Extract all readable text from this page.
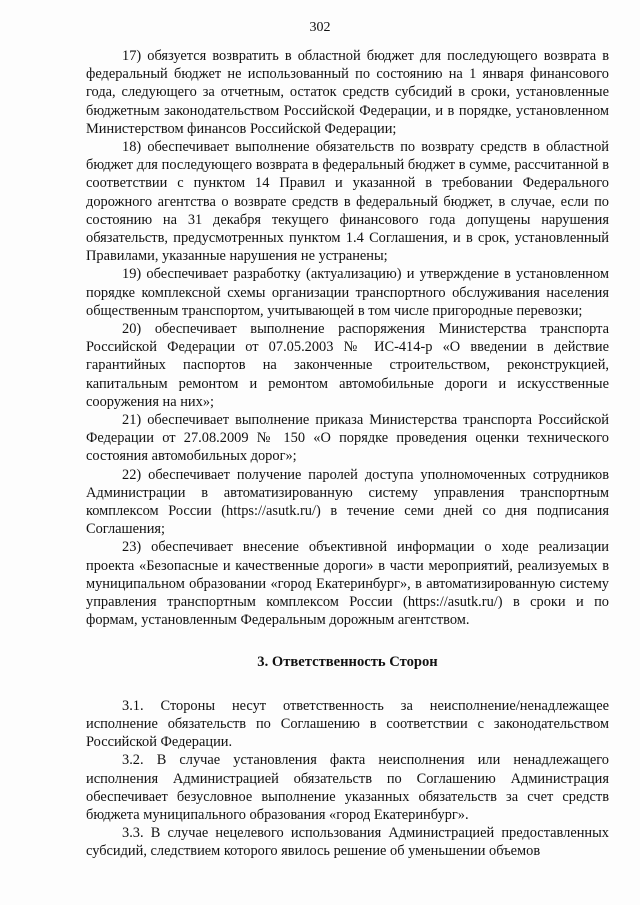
302

17) обязуется возвратить в областной бюджет для последующего возврата в федеральный бюджет не использованный по состоянию на 1 января финансового года, следующего за отчетным, остаток средств субсидий в сроки, установленные бюджетным законодательством Российской Федерации, и в порядке, установленном Министерством финансов Российской Федерации;

18) обеспечивает выполнение обязательств по возврату средств в областной бюджет для последующего возврата в федеральный бюджет в сумме, рассчитанной в соответствии с пунктом 14 Правил и указанной в требовании Федерального дорожного агентства о возврате средств в федеральный бюджет, в случае, если по состоянию на 31 декабря текущего финансового года допущены нарушения обязательств, предусмотренных пунктом 1.4 Соглашения, и в срок, установленный Правилами, указанные нарушения не устранены;

19) обеспечивает разработку (актуализацию) и утверждение в установленном порядке комплексной схемы организации транспортного обслуживания населения общественным транспортом, учитывающей в том числе пригородные перевозки;

20) обеспечивает выполнение распоряжения Министерства транспорта Российской Федерации от 07.05.2003 № ИС-414-р «О введении в действие гарантийных паспортов на законченные строительством, реконструкцией, капитальным ремонтом и ремонтом автомобильные дороги и искусственные сооружения на них»;

21) обеспечивает выполнение приказа Министерства транспорта Российской Федерации от 27.08.2009 № 150 «О порядке проведения оценки технического состояния автомобильных дорог»;

22) обеспечивает получение паролей доступа уполномоченных сотрудников Администрации в автоматизированную систему управления транспортным комплексом России (https://asutk.ru/) в течение семи дней со дня подписания Соглашения;

23) обеспечивает внесение объективной информации о ходе реализации проекта «Безопасные и качественные дороги» в части мероприятий, реализуемых в муниципальном образовании «город Екатеринбург», в автоматизированную систему управления транспортным комплексом России (https://asutk.ru/) в сроки и по формам, установленным Федеральным дорожным агентством.

3. Ответственность Сторон

3.1. Стороны несут ответственность за неисполнение/ненадлежащее исполнение обязательств по Соглашению в соответствии с законодательством Российской Федерации.

3.2. В случае установления факта неисполнения или ненадлежащего исполнения Администрацией обязательств по Соглашению Администрация обеспечивает безусловное выполнение указанных обязательств за счет средств бюджета муниципального образования «город Екатеринбург».

3.3. В случае нецелевого использования Администрацией предоставленных субсидий, следствием которого явилось решение об уменьшении объемов
